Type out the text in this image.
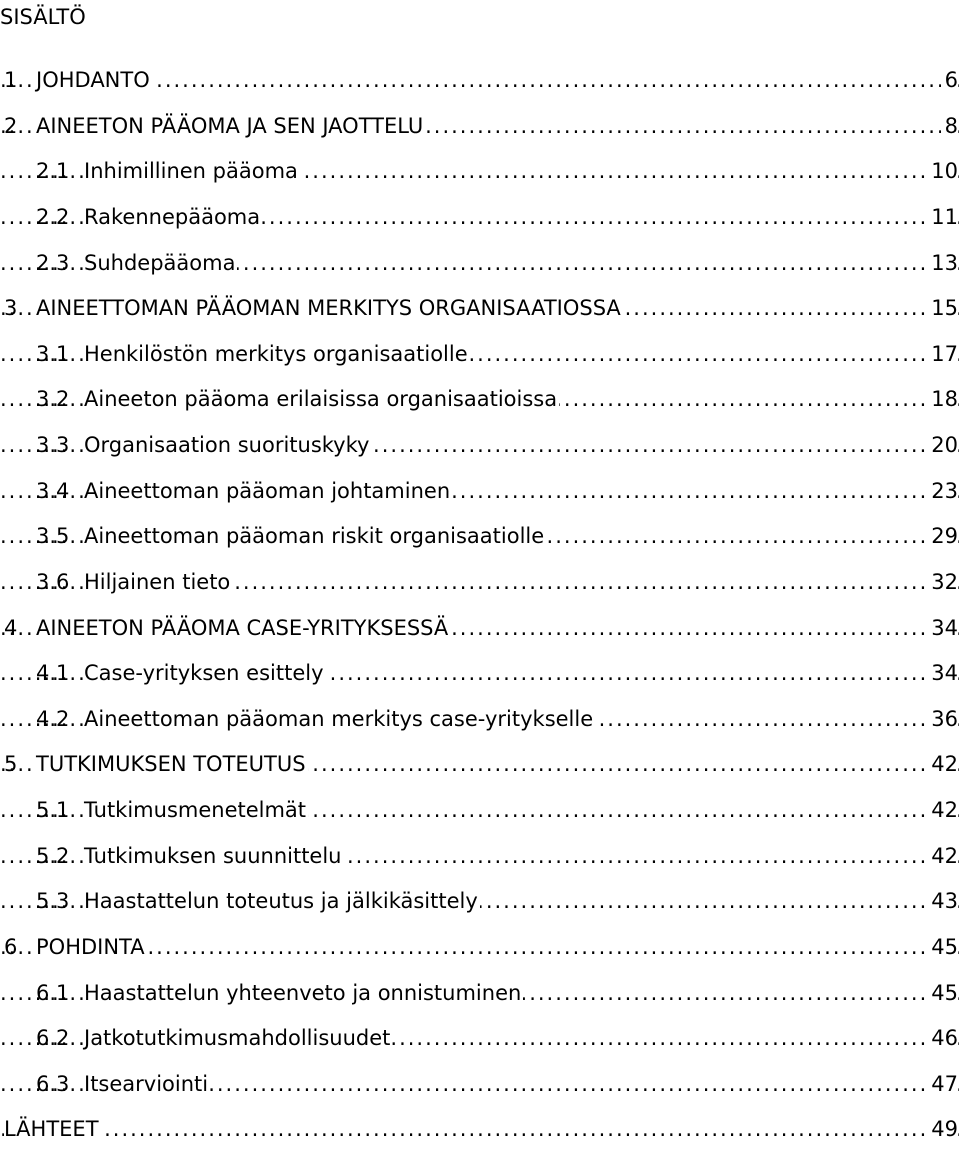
SISÄLTÖ
.....
1 JOHDANTO	6
.....
2 AINEETON PÄÄOMA JA SEN JAOTTELU	8
.....
2.1 Inhimillinen pääoma	10
.....
2.2 Rakennepääoma	11
.....
2.3 Suhdepääoma	13
.....
3 AINEETTOMAN PÄÄOMAN MERKITYS ORGANISAATIOSSA	15
.....
3.1 Henkilöstön merkitys organisaatiolle	17
.....
3.2 Aineeton pääoma erilaisissa organisaatioissa	18
.....
3.3 Organisaation suorituskyky	20
.....
3.4 Aineettoman pääoman johtaminen	23
.....
3.5 Aineettoman pääoman riskit organisaatiolle	29
.....
3.6 Hiljainen tieto	32
.....
4 AINEETON PÄÄOMA CASE-YRITYKSESSÄ	34
.....
4.1 Case-yrityksen esittely	34
.....
4.2 Aineettoman pääoman merkitys case-yritykselle	36
.....
5 TUTKIMUKSEN TOTEUTUS	42
.....
5.1 Tutkimusmenetelmät	42
.....
5.2 Tutkimuksen suunnittelu	42
.....
5.3 Haastattelun toteutus ja jälkikäsittely	43
.....
6 POHDINTA	45
.....
6.1 Haastattelun yhteenveto ja onnistuminen	45
.....
6.2 Jatkotutkimusmahdollisuudet	46
.....
6.3 Itsearviointi	47
.....
LÄHTEET	49
